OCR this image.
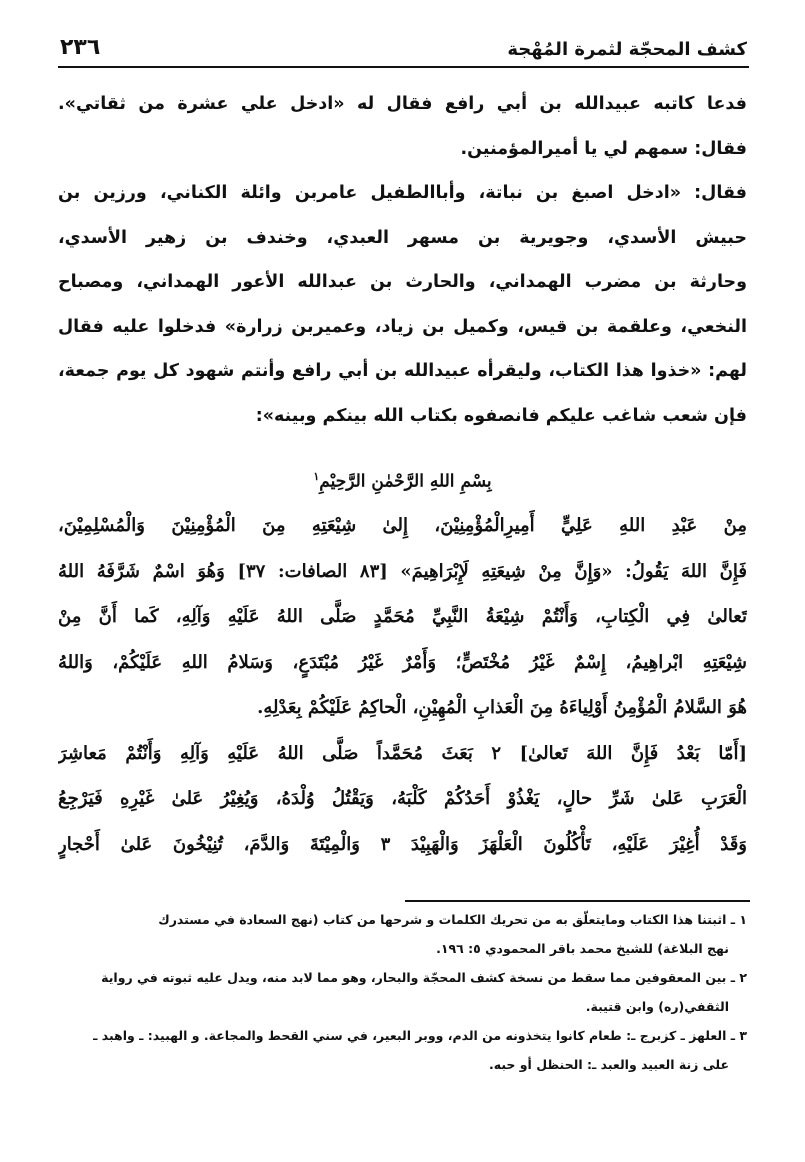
كشف المحجّة لثمرة المُهْجة
٢٣٦
فدعا كاتبه عبيدالله بن أبي رافع فقال له «ادخل علي عشرة من ثقاتي».
فقال: سمهم لي يا أميرالمؤمنين.
فقال: «ادخل اصبغ بن نباتة، وأباالطفيل عامربن وائلة الكناني، ورزين بن
حبيش الأسدي، وجويرية بن مسهر العبدي، وخندف بن زهير الأسدي،
وحارثة بن مضرب الهمداني، والحارث بن عبدالله الأعور الهمداني، ومصباح
النخعي، وعلقمة بن قيس، وكميل بن زياد، وعميربن زرارة» فدخلوا عليه فقال
لهم: «خذوا هذا الكتاب، وليقرأه عبيدالله بن أبي رافع وأنتم شهود كل يوم جمعة،
فإن شعب شاغب عليكم فانصفوه بكتاب الله بينكم وبينه»:
بِسْمِ اللهِ الرَّحْمٰنِ الرَّحِيْمِ$^١$
مِنْ عَبْدِ اللهِ عَلِيٍّ أَمِيرِالْمُؤْمِنِيْنَ، إِلىٰ شِيْعَتِهِ مِنَ الْمُؤْمِنِيْنَ وَالْمُسْلِمِيْنَ،
فَإِنَّ اللهَ يَقُولُ: «وَإِنَّ مِنْ شِيعَتِهِ لَإِبْرَاهِيمَ» [٨٣ الصافات: ٣٧] وَهُوَ اسْمٌ شَرَّفَهُ اللهُ
تَعالىٰ فِي الْكِتابِ، وَأَنْتُمْ شِيْعَةُ النَّبِيِّ مُحَمَّدٍ صَلَّى اللهُ عَلَيْهِ وَآلِهِ، كَما أَنَّ مِنْ
شِيْعَتِهِ ابْراهِيمُ، إِسْمٌ غَيْرُ مُخْتَصٍّ؛ وَأَمْرٌ غَيْرُ مُبْتَدَعٍ، وَسَلامُ اللهِ عَلَيْكُمْ، وَاللهُ
هُوَ السَّلامُ الْمُؤْمِنُ أَوْلِياءَهُ مِنَ الْعَذابِ الْمُهِيْنِ، الْحاكِمُ عَلَيْكُمْ بِعَدْلِهِ.
[أَمّا بَعْدُ فَإِنَّ اللهَ تَعالىٰ] ٢ بَعَثَ مُحَمَّداً صَلَّى اللهُ عَلَيْهِ وَآلِهِ وَأَنْتُمْ مَعاشِرَ
الْعَرَبِ عَلىٰ شَرِّ حالٍ، يَغْذُوْ أَحَدُكُمْ كَلْبَهُ، وَيَقْتُلُ وُلْدَهُ، وَيُغِيْرُ عَلىٰ غَيْرِهِ فَيَرْجِعُ
وَقَدْ أُغِيْرَ عَلَيْهِ، تَأْكُلُونَ الْعَلْهَزَ وَالْهَبِيْدَ ٣ وَالْمِيْتَةَ وَالدَّمَ، تُنِيْخُونَ عَلىٰ أَحْجارٍ
١ ـ اثبتنا هذا الكتاب ومايتعلّق به من تحريك الكلمات و شرحها من كتاب (نهج السعادة في مستدرك
نهج البلاغة) للشيخ محمد باقر المحمودي ٥: ١٩٦.
٢ ـ بين المعقوفين مما سقط من نسخة كشف المحجّة والبحار، وهو مما لابد منه، ويدل عليه ثبوته في رواية
الثقفي(ره) وابن قتيبة.
٣ ـ العلهز ـ كزبرج ـ: طعام كانوا يتخذونه من الدم، ووبر البعير، في سني القحط والمجاعة. و الهبيد: ـ واهبد ـ
على زنة العبيد والعبد ـ: الحنظل أو حبه.
